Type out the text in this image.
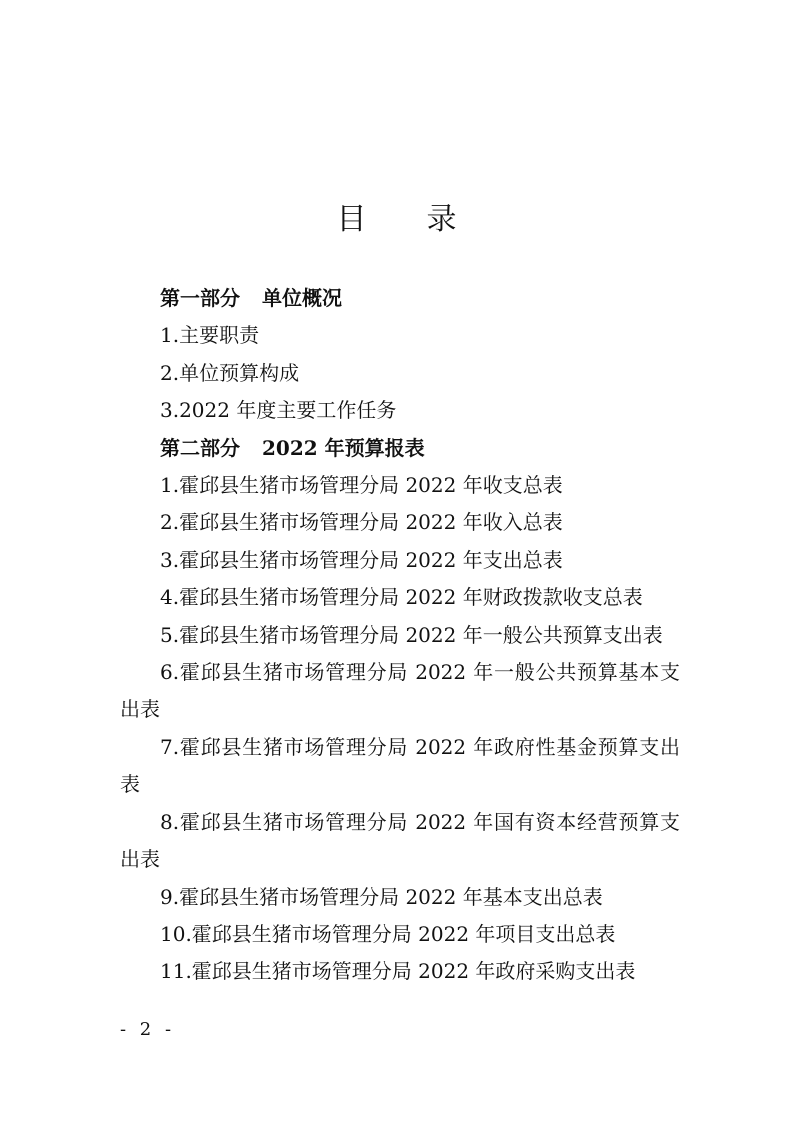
目录
第一部分 单位概况
1.主要职责
2.单位预算构成
3.2022 年度主要工作任务
第二部分 2022 年预算报表
1.霍邱县生猪市场管理分局 2022 年收支总表
2.霍邱县生猪市场管理分局 2022 年收入总表
3.霍邱县生猪市场管理分局 2022 年支出总表
4.霍邱县生猪市场管理分局 2022 年财政拨款收支总表
5.霍邱县生猪市场管理分局 2022 年一般公共预算支出表
6.霍邱县生猪市场管理分局 2022 年一般公共预算基本支出表
7.霍邱县生猪市场管理分局 2022 年政府性基金预算支出表
8.霍邱县生猪市场管理分局 2022 年国有资本经营预算支出表
9.霍邱县生猪市场管理分局 2022 年基本支出总表
10.霍邱县生猪市场管理分局 2022 年项目支出总表
11.霍邱县生猪市场管理分局 2022 年政府采购支出表
- 2 -
